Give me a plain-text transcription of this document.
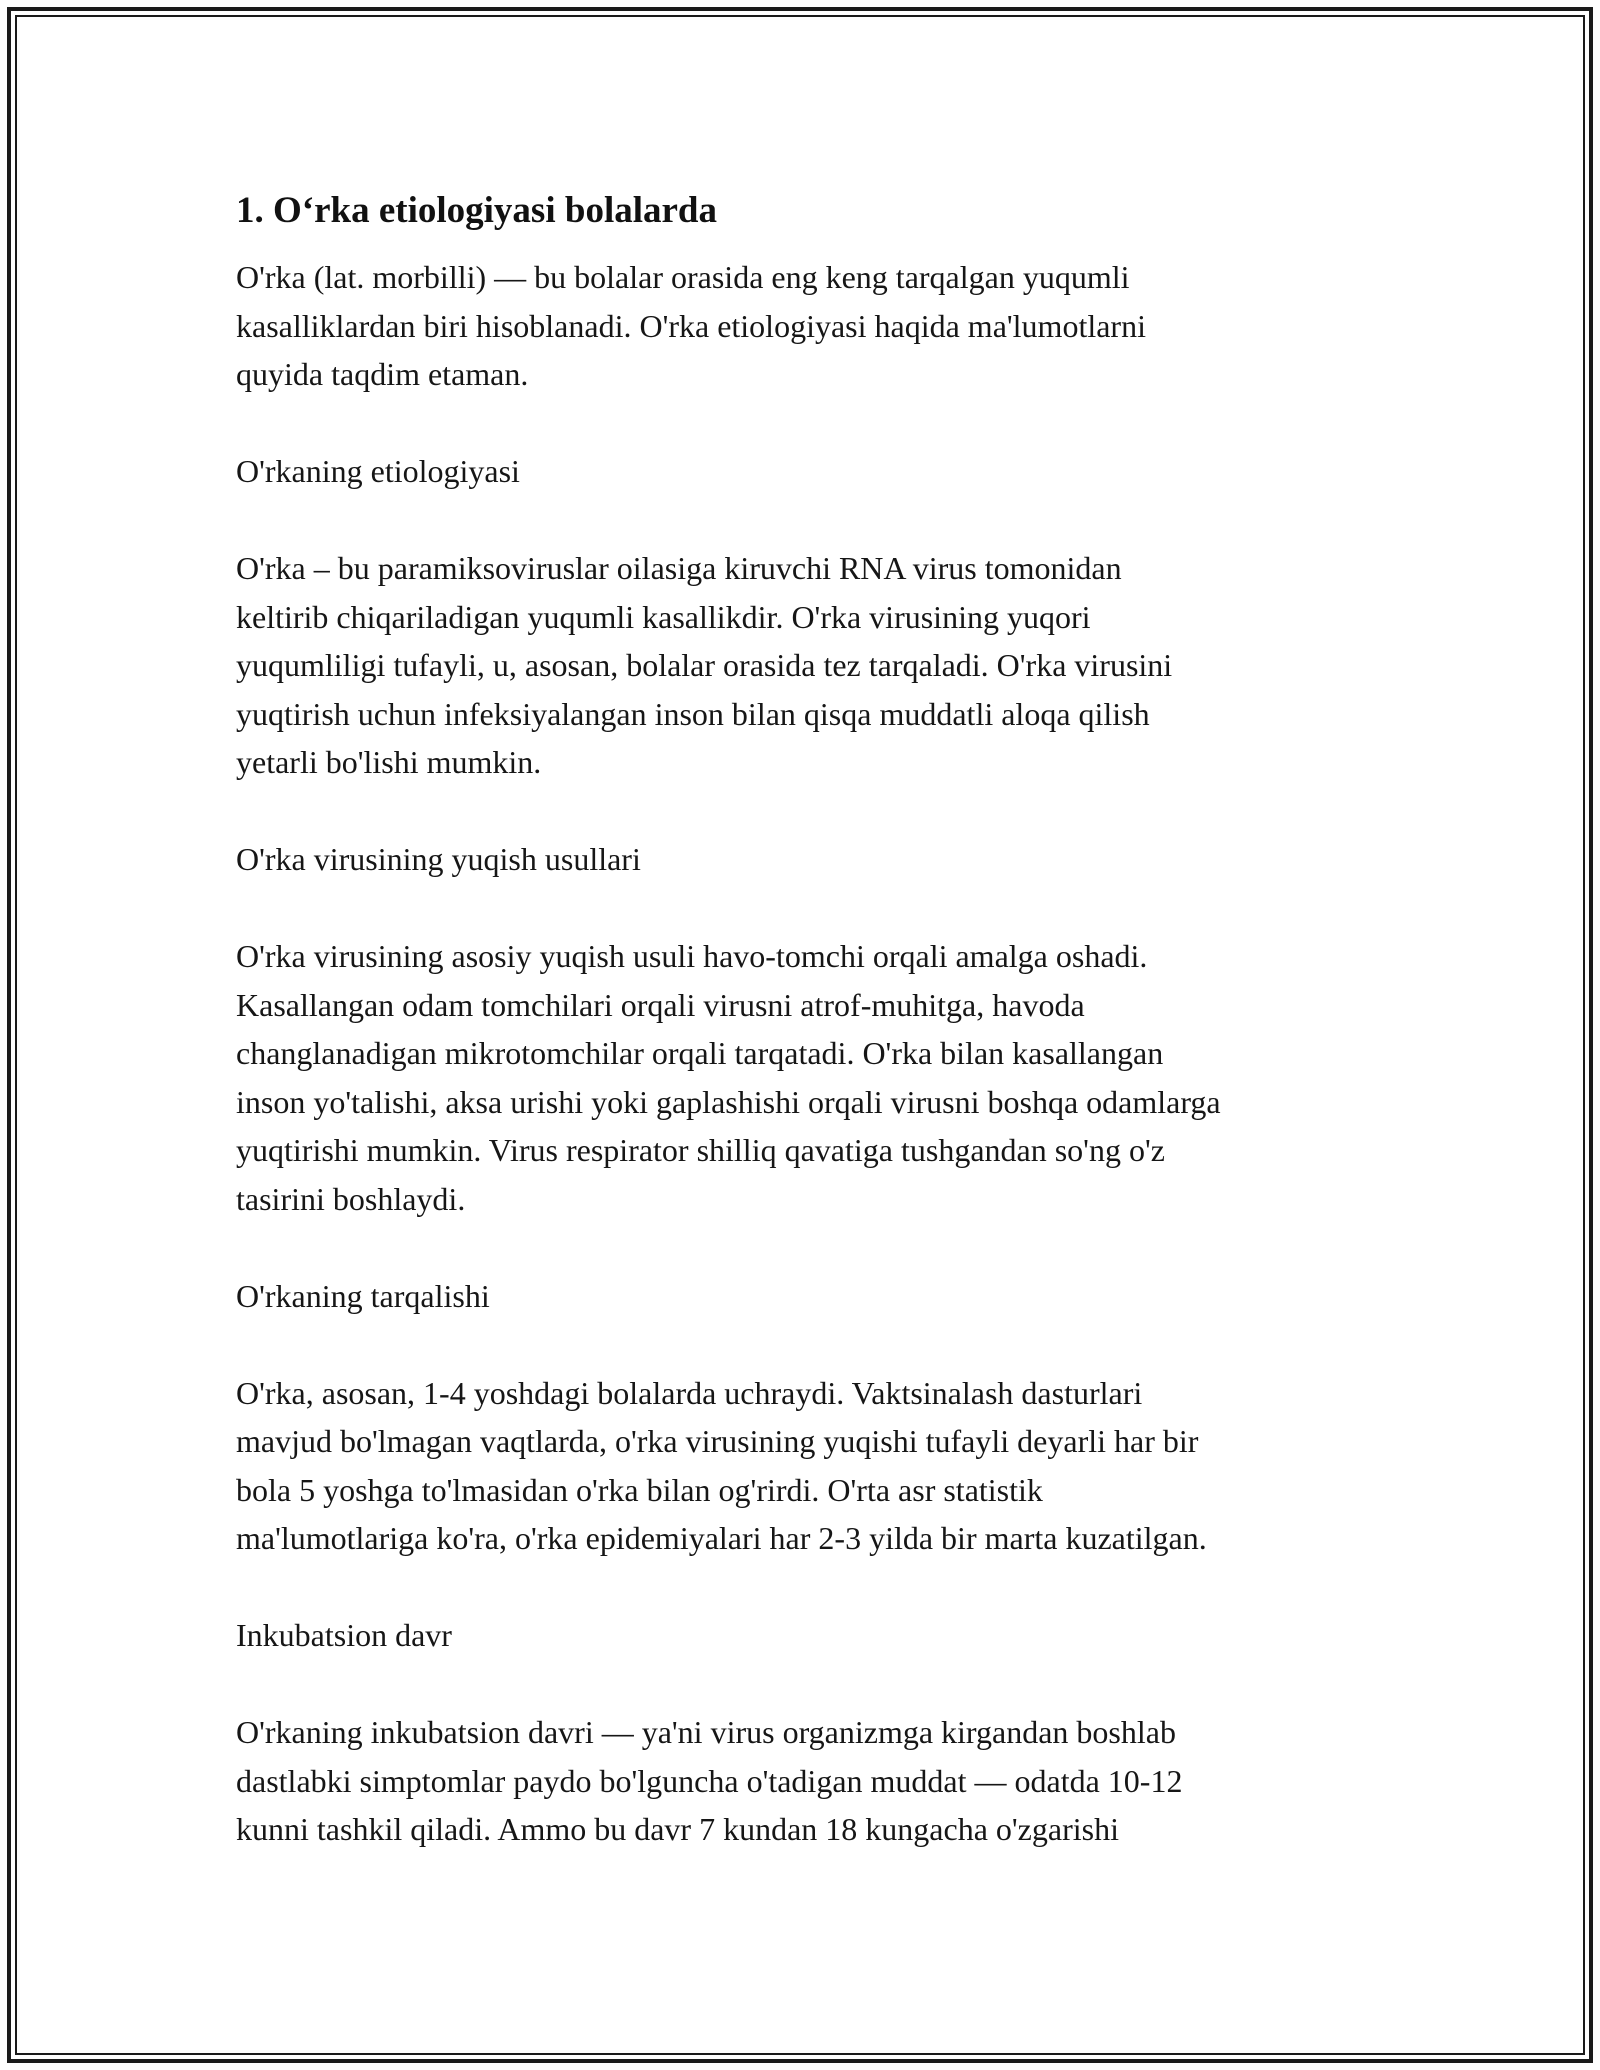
1. O‘rka etiologiyasi bolalarda

O'rka (lat. morbilli) — bu bolalar orasida eng keng tarqalgan yuqumli
kasalliklardan biri hisoblanadi. O'rka etiologiyasi haqida ma'lumotlarni
quyida taqdim etaman.

O'rkaning etiologiyasi

O'rka – bu paramiksoviruslar oilasiga kiruvchi RNA virus tomonidan
keltirib chiqariladigan yuqumli kasallikdir. O'rka virusining yuqori
yuqumliligi tufayli, u, asosan, bolalar orasida tez tarqaladi. O'rka virusini
yuqtirish uchun infeksiyalangan inson bilan qisqa muddatli aloqa qilish
yetarli bo'lishi mumkin.

O'rka virusining yuqish usullari

O'rka virusining asosiy yuqish usuli havo-tomchi orqali amalga oshadi.
Kasallangan odam tomchilari orqali virusni atrof-muhitga, havoda
changlanadigan mikrotomchilar orqali tarqatadi. O'rka bilan kasallangan
inson yo'talishi, aksa urishi yoki gaplashishi orqali virusni boshqa odamlarga
yuqtirishi mumkin. Virus respirator shilliq qavatiga tushgandan so'ng o'z
tasirini boshlaydi.

O'rkaning tarqalishi

O'rka, asosan, 1-4 yoshdagi bolalarda uchraydi. Vaktsinalash dasturlari
mavjud bo'lmagan vaqtlarda, o'rka virusining yuqishi tufayli deyarli har bir
bola 5 yoshga to'lmasidan o'rka bilan og'rirdi. O'rta asr statistik
ma'lumotlariga ko'ra, o'rka epidemiyalari har 2-3 yilda bir marta kuzatilgan.

Inkubatsion davr

O'rkaning inkubatsion davri — ya'ni virus organizmga kirgandan boshlab
dastlabki simptomlar paydo bo'lguncha o'tadigan muddat — odatda 10-12
kunni tashkil qiladi. Ammo bu davr 7 kundan 18 kungacha o'zgarishi
